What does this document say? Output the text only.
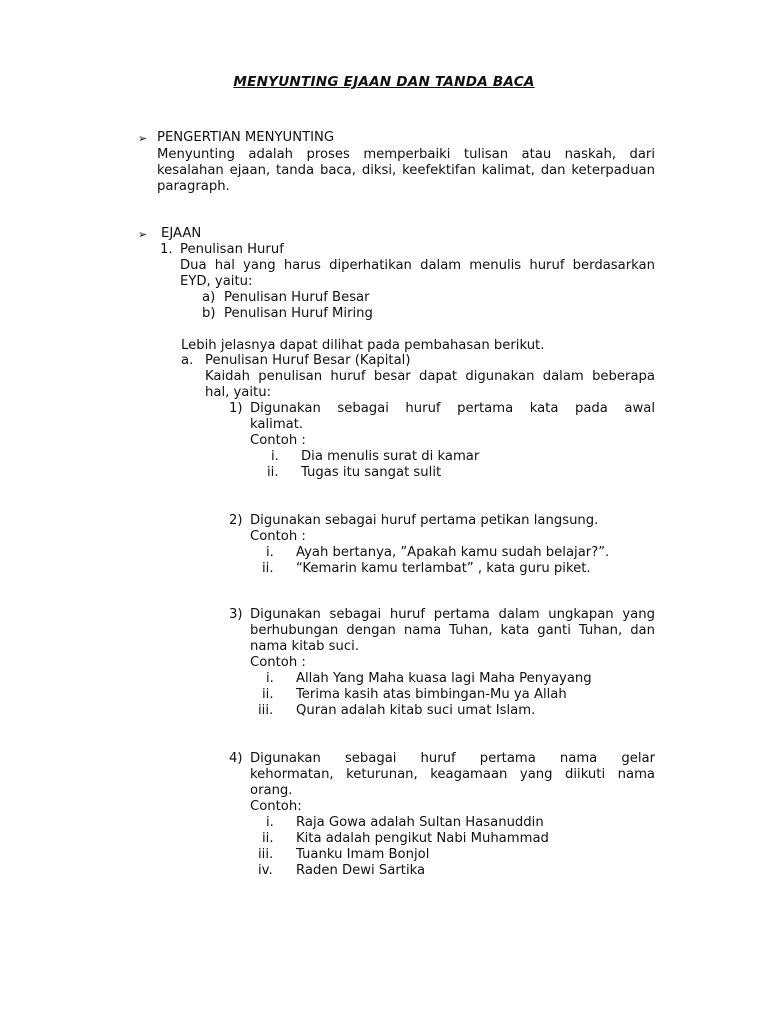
MENYUNTING EJAAN DAN TANDA BACA
➢ PENGERTIAN MENYUNTING
Menyunting adalah proses memperbaiki tulisan atau naskah, dari
kesalahan ejaan, tanda baca, diksi, keefektifan kalimat, dan keterpaduan
paragraph.
➢ EJAAN
1. Penulisan Huruf
Dua hal yang harus diperhatikan dalam menulis huruf berdasarkan
EYD, yaitu:
a) Penulisan Huruf Besar
b) Penulisan Huruf Miring
Lebih jelasnya dapat dilihat pada pembahasan berikut.
a. Penulisan Huruf Besar (Kapital)
Kaidah penulisan huruf besar dapat digunakan dalam beberapa
hal, yaitu:
1) Digunakan sebagai huruf pertama kata pada awal
kalimat.
Contoh :
i. Dia menulis surat di kamar
ii. Tugas itu sangat sulit
2) Digunakan sebagai huruf pertama petikan langsung.
Contoh :
i. Ayah bertanya, ”Apakah kamu sudah belajar?”.
ii. “Kemarin kamu terlambat” , kata guru piket.
3) Digunakan sebagai huruf pertama dalam ungkapan yang
berhubungan dengan nama Tuhan, kata ganti Tuhan, dan
nama kitab suci.
Contoh :
i. Allah Yang Maha kuasa lagi Maha Penyayang
ii. Terima kasih atas bimbingan-Mu ya Allah
iii. Quran adalah kitab suci umat Islam.
4) Digunakan sebagai huruf pertama nama gelar
kehormatan, keturunan, keagamaan yang diikuti nama
orang.
Contoh:
i. Raja Gowa adalah Sultan Hasanuddin
ii. Kita adalah pengikut Nabi Muhammad
iii. Tuanku Imam Bonjol
iv. Raden Dewi Sartika
